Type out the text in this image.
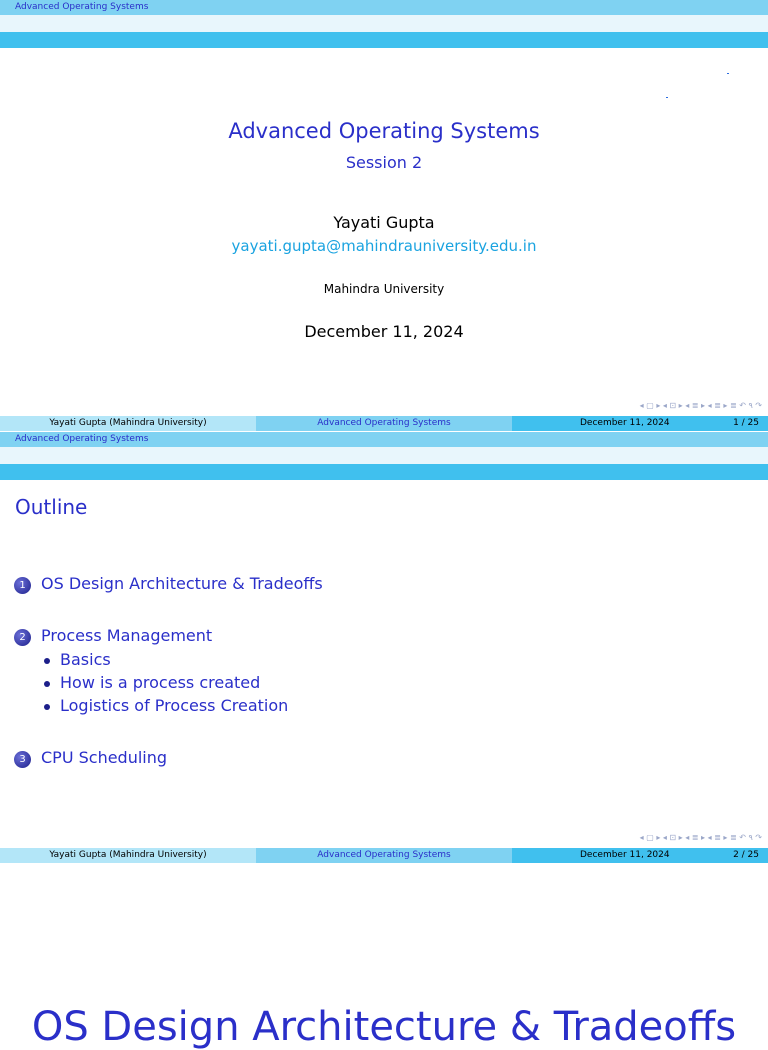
Advanced Operating Systems
Advanced Operating Systems
Session 2
Yayati Gupta
yayati.gupta@mahindrauniversity.edu.in
Mahindra University
December 11, 2024
◂ ▢ ▸ ◂ ⊡ ▸ ◂ ≣ ▸ ◂ ≣ ▸ ≣ ↶ ۹ ↷
Yayati Gupta (Mahindra University)	Advanced Operating Systems	December 11, 2024	1 / 25
Advanced Operating Systems
Outline
1 OS Design Architecture & Tradeoffs
2 Process Management
Basics
How is a process created
Logistics of Process Creation
3 CPU Scheduling
◂ ▢ ▸ ◂ ⊡ ▸ ◂ ≣ ▸ ◂ ≣ ▸ ≣ ↶ ۹ ↷
Yayati Gupta (Mahindra University)	Advanced Operating Systems	December 11, 2024	2 / 25
OS Design Architecture & Tradeoffs
